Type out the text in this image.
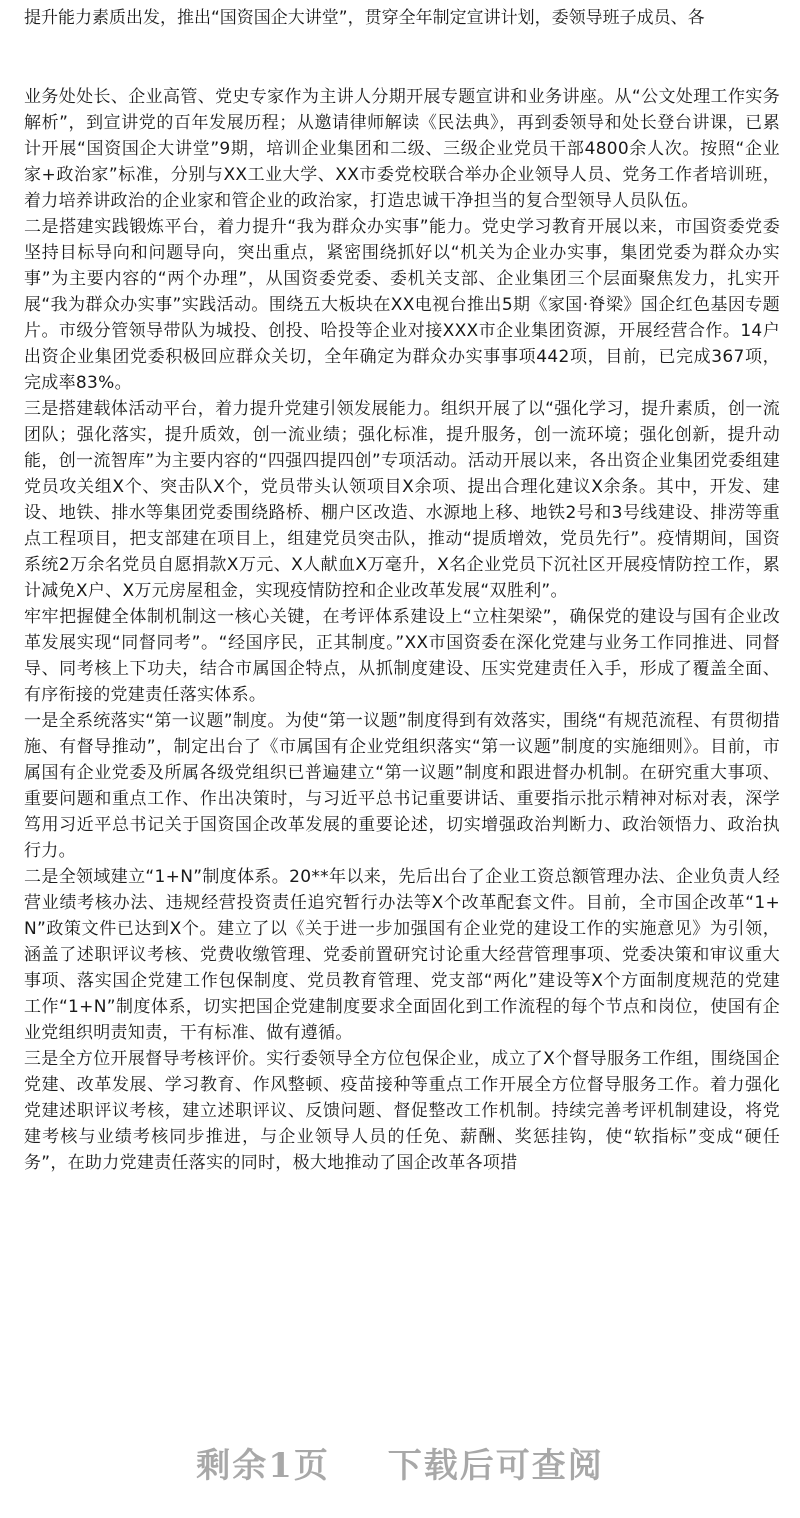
提升能力素质出发，推出“国资国企大讲堂”，贯穿全年制定宣讲计划，委领导班子成员、各

业务处处长、企业高管、党史专家作为主讲人分期开展专题宣讲和业务讲座。从“公文处理工作实务解析”，到宣讲党的百年发展历程；从邀请律师解读《民法典》，再到委领导和处长登台讲课，已累计开展“国资国企大讲堂”9期，培训企业集团和二级、三级企业党员干部4800余人次。按照“企业家+政治家”标准，分别与XX工业大学、XX市委党校联合举办企业领导人员、党务工作者培训班，着力培养讲政治的企业家和管企业的政治家，打造忠诚干净担当的复合型领导人员队伍。

二是搭建实践锻炼平台，着力提升“我为群众办实事”能力。党史学习教育开展以来，市国资委党委坚持目标导向和问题导向，突出重点，紧密围绕抓好以“机关为企业办实事，集团党委为群众办实事”为主要内容的“两个办理”，从国资委党委、委机关支部、企业集团三个层面聚焦发力，扎实开展“我为群众办实事”实践活动。围绕五大板块在XX电视台推出5期《家国·脊梁》国企红色基因专题片。市级分管领导带队为城投、创投、哈投等企业对接XXX市企业集团资源，开展经营合作。14户出资企业集团党委积极回应群众关切，全年确定为群众办实事事项442项，目前，已完成367项，完成率83%。

三是搭建载体活动平台，着力提升党建引领发展能力。组织开展了以“强化学习，提升素质，创一流团队；强化落实，提升质效，创一流业绩；强化标准，提升服务，创一流环境；强化创新，提升动能，创一流智库”为主要内容的“四强四提四创”专项活动。活动开展以来，各出资企业集团党委组建党员攻关组X个、突击队X个，党员带头认领项目X余项、提出合理化建议X余条。其中，开发、建设、地铁、排水等集团党委围绕路桥、棚户区改造、水源地上移、地铁2号和3号线建设、排涝等重点工程项目，把支部建在项目上，组建党员突击队，推动“提质增效，党员先行”。疫情期间，国资系统2万余名党员自愿捐款X万元、X人献血X万毫升，X名企业党员下沉社区开展疫情防控工作，累计减免X户、X万元房屋租金，实现疫情防控和企业改革发展“双胜利”。

牢牢把握健全体制机制这一核心关键，在考评体系建设上“立柱架梁”，确保党的建设与国有企业改革发展实现“同督同考”。“经国序民，正其制度。”XX市国资委在深化党建与业务工作同推进、同督导、同考核上下功夫，结合市属国企特点，从抓制度建设、压实党建责任入手，形成了覆盖全面、有序衔接的党建责任落实体系。

一是全系统落实“第一议题”制度。为使“第一议题”制度得到有效落实，围绕“有规范流程、有贯彻措施、有督导推动”，制定出台了《市属国有企业党组织落实“第一议题”制度的实施细则》。目前，市属国有企业党委及所属各级党组织已普遍建立“第一议题”制度和跟进督办机制。在研究重大事项、重要问题和重点工作、作出决策时，与习近平总书记重要讲话、重要指示批示精神对标对表，深学笃用习近平总书记关于国资国企改革发展的重要论述，切实增强政治判断力、政治领悟力、政治执行力。

二是全领域建立“1+N”制度体系。20**年以来，先后出台了企业工资总额管理办法、企业负责人经营业绩考核办法、违规经营投资责任追究暂行办法等X个改革配套文件。目前，全市国企改革“1+N”政策文件已达到X个。建立了以《关于进一步加强国有企业党的建设工作的实施意见》为引领，涵盖了述职评议考核、党费收缴管理、党委前置研究讨论重大经营管理事项、党委决策和审议重大事项、落实国企党建工作包保制度、党员教育管理、党支部“两化”建设等X个方面制度规范的党建工作“1+N”制度体系，切实把国企党建制度要求全面固化到工作流程的每个节点和岗位，使国有企业党组织明责知责，干有标准、做有遵循。

三是全方位开展督导考核评价。实行委领导全方位包保企业，成立了X个督导服务工作组，围绕国企党建、改革发展、学习教育、作风整顿、疫苗接种等重点工作开展全方位督导服务工作。着力强化党建述职评议考核，建立述职评议、反馈问题、督促整改工作机制。持续完善考评机制建设，将党建考核与业绩考核同步推进，与企业领导人员的任免、薪酬、奖惩挂钩，使“软指标”变成“硬任务”，在助力党建责任落实的同时，极大地推动了国企改革各项措

剩余1页 下载后可查阅
